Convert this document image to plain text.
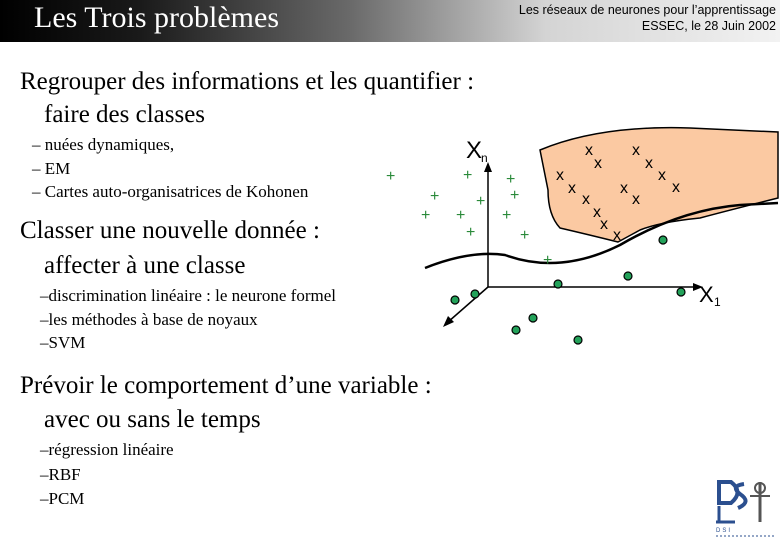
Les Trois problèmes	Les réseaux de neurones pour l’apprentissage
ESSEC, le 28 Juin 2002
Regrouper des informations et les quantifier :
faire des classes
– nuées dynamiques,
– EM
– Cartes auto-organisatrices de Kohonen
Classer une nouvelle donnée :
affecter à une classe
–discrimination linéaire : le neurone formel
–les méthodes à base de noyaux
–SVM
Prévoir le comportement d’une variable :
avec ou sans le temps
–régression linéaire
–RBF
–PCM
X
n
X 1
+
+
+
+
+
+
+ + +
+	+
+
x
x
x
x
x
x
x
x
x
x
x
x
x
x
DSI
